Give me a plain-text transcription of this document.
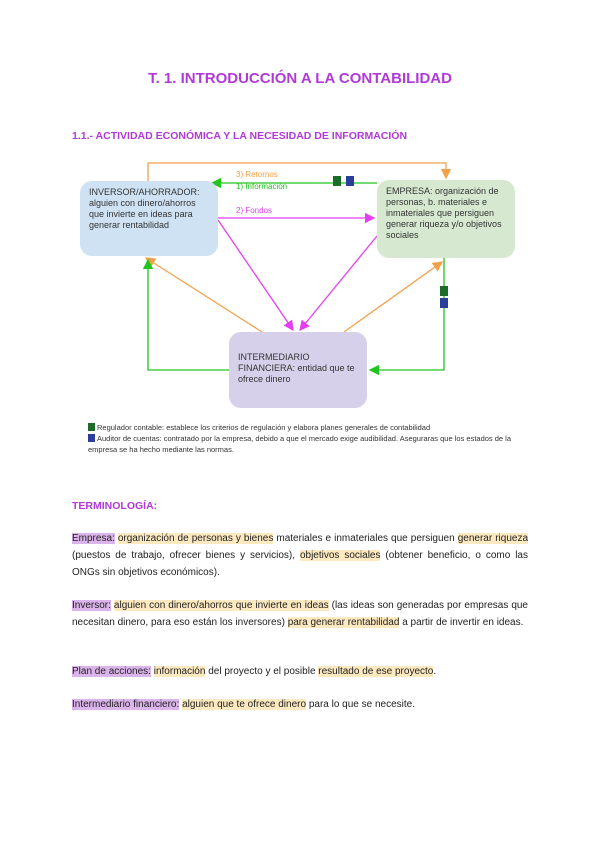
T. 1. INTRODUCCIÓN A LA CONTABILIDAD
1.1.- ACTIVIDAD ECONÓMICA Y LA NECESIDAD DE INFORMACIÓN
3) Retornos
1) Información
2) Fondos
INVERSOR/AHORRADOR: alguien con dinero/ahorros que invierte en ideas para generar rentabilidad
EMPRESA: organización de personas, b. materiales e inmateriales que persiguen generar riqueza y/o objetivos sociales
INTERMEDIARIO FINANCIERA: entidad que te ofrece dinero
Regulador contable: establece los criterios de regulación y elabora planes generales de contabilidad
Auditor de cuentas: contratado por la empresa, debido a que el mercado exige audibilidad. Aseguraras que los estados de la empresa se ha hecho mediante las normas.
TERMINOLOGÍA:
Empresa: organización de personas y bienes materiales e inmateriales que persiguen generar riqueza (puestos de trabajo, ofrecer bienes y servicios), objetivos sociales (obtener beneficio, o como las ONGs sin objetivos económicos).
Inversor: alguien con dinero/ahorros que invierte en ideas (las ideas son generadas por empresas que necesitan dinero, para eso están los inversores) para generar rentabilidad a partir de invertir en ideas.
Plan de acciones: información del proyecto y el posible resultado de ese proyecto.
Intermediario financiero: alguien que te ofrece dinero para lo que se necesite.
